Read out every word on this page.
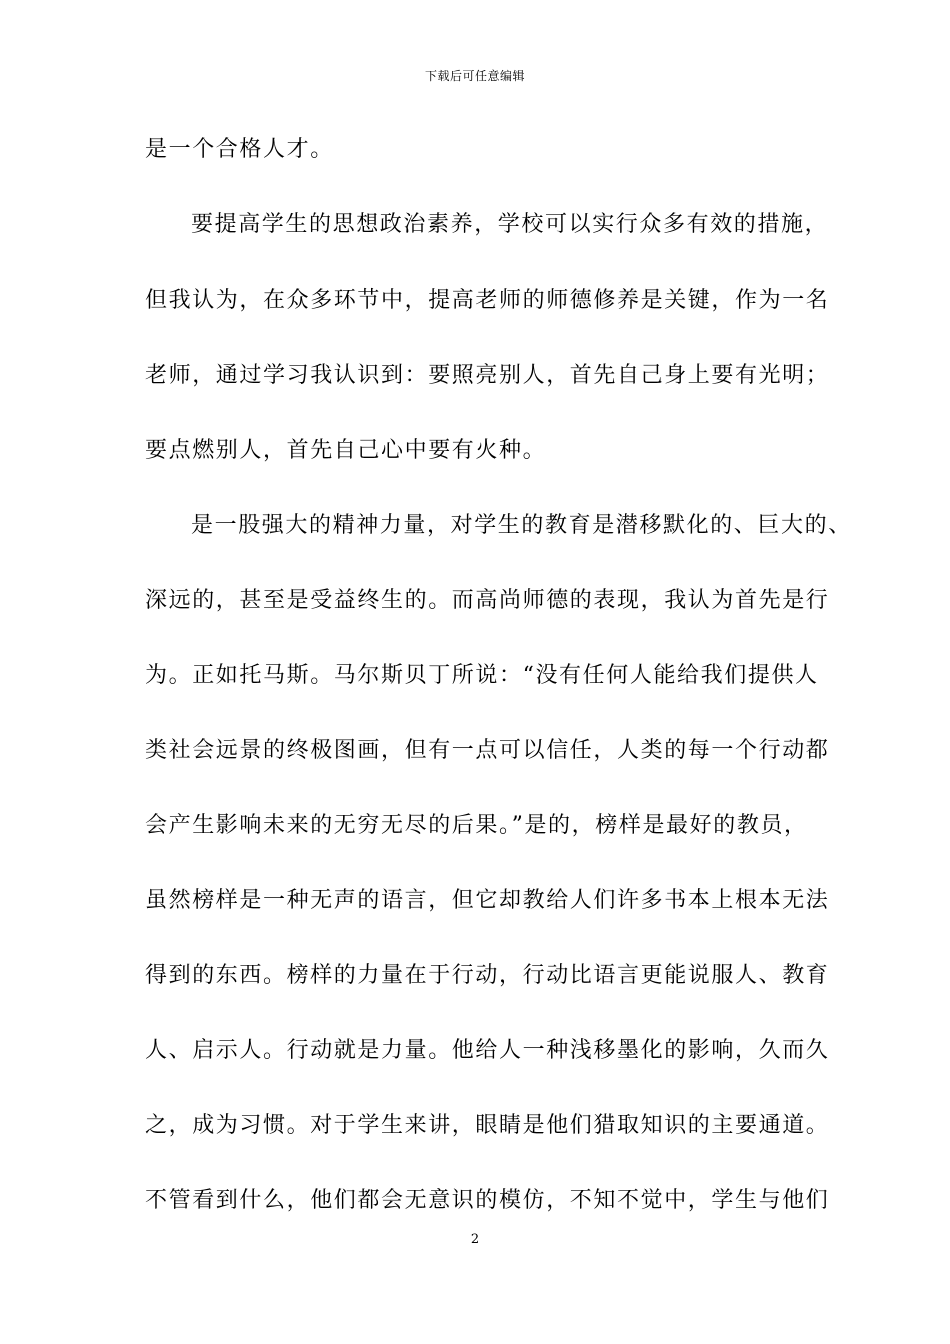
下载后可任意编辑
是一个合格人才。
要提高学生的思想政治素养，学校可以实行众多有效的措施，
但我认为，在众多环节中，提高老师的师德修养是关键，作为一名
老师，通过学习我认识到：要照亮别人，首先自己身上要有光明；
要点燃别人，首先自己心中要有火种。
是一股强大的精神力量，对学生的教育是潜移默化的、巨大的、
深远的，甚至是受益终生的。而高尚师德的表现，我认为首先是行
为。正如托马斯。马尔斯贝丁所说：“没有任何人能给我们提供人
类社会远景的终极图画，但有一点可以信任，人类的每一个行动都
会产生影响未来的无穷无尽的后果。”是的，榜样是最好的教员，
虽然榜样是一种无声的语言，但它却教给人们许多书本上根本无法
得到的东西。榜样的力量在于行动，行动比语言更能说服人、教育
人、启示人。行动就是力量。他给人一种浅移墨化的影响，久而久
之，成为习惯。对于学生来讲，眼睛是他们猎取知识的主要通道。
不管看到什么，他们都会无意识的模仿，不知不觉中，学生与他们
2
